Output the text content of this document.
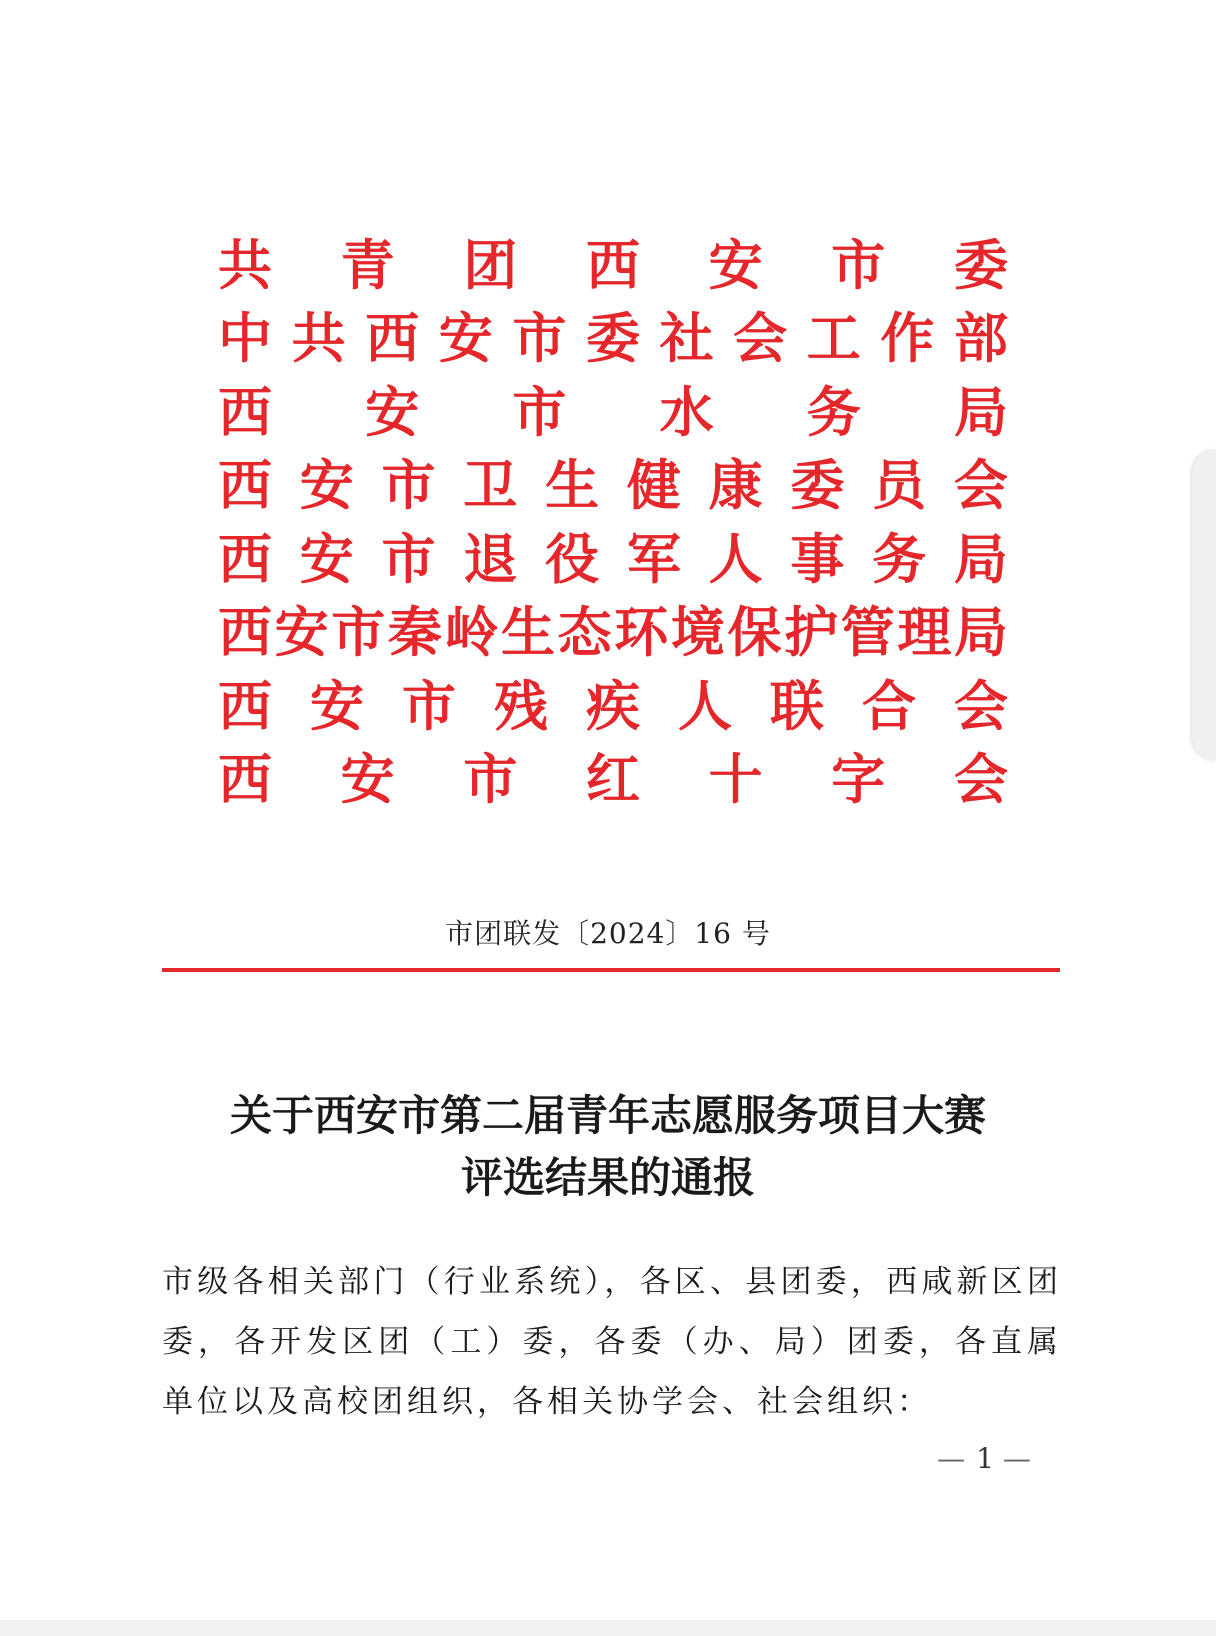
共 青 团 西 安 市 委
中 共 西 安 市 委 社 会 工 作 部
西 安 市 水 务 局
西 安 市 卫 生 健 康 委 员 会
西 安 市 退 役 军 人 事 务 局
西 安 市 秦 岭 生 态 环 境 保 护 管 理 局
西 安 市 残 疾 人 联 合 会
西 安 市 红 十 字 会
市团联发〔2024〕16 号
关于西安市第二届青年志愿服务项目大赛
评选结果的通报
市级各相关部门（行业系统），各区、县团委，西咸新区团委，各开发区团（工）委，各委（办、局）团委，各直属单位以及高校团组织，各相关协学会、社会组织：
— 1 —
